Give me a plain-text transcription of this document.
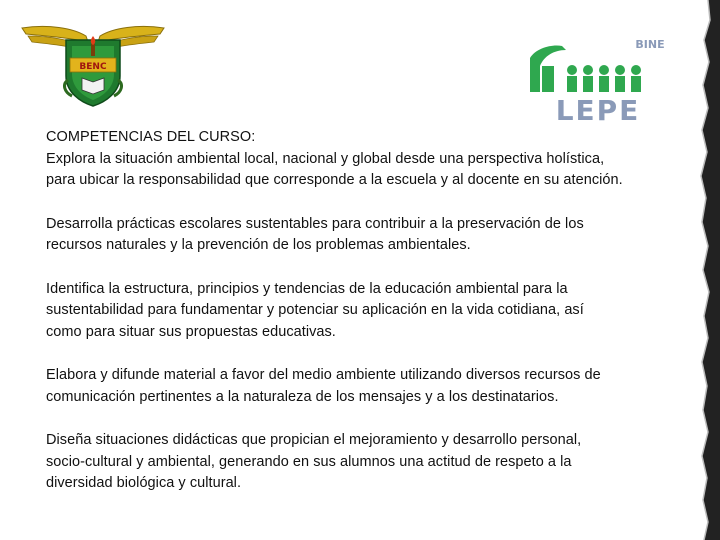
BENC
BINE
LEPE

COMPETENCIAS DEL CURSO:

Explora la situación ambiental local, nacional y global desde una perspectiva holística,
para ubicar la responsabilidad que corresponde a la escuela y al docente en su atención.

Desarrolla prácticas escolares sustentables para contribuir a la preservación de los
recursos naturales y la prevención de los problemas ambientales.

Identifica la estructura, principios y tendencias de la educación ambiental para la
sustentabilidad para fundamentar y potenciar su aplicación en la vida cotidiana, así
como para situar sus propuestas educativas.

Elabora y difunde material a favor del medio ambiente utilizando diversos recursos de
comunicación pertinentes a la naturaleza de los mensajes y a los destinatarios.

Diseña situaciones didácticas que propician el mejoramiento y desarrollo personal,
socio-cultural y ambiental, generando en sus alumnos una actitud de respeto a la
diversidad biológica y cultural.
